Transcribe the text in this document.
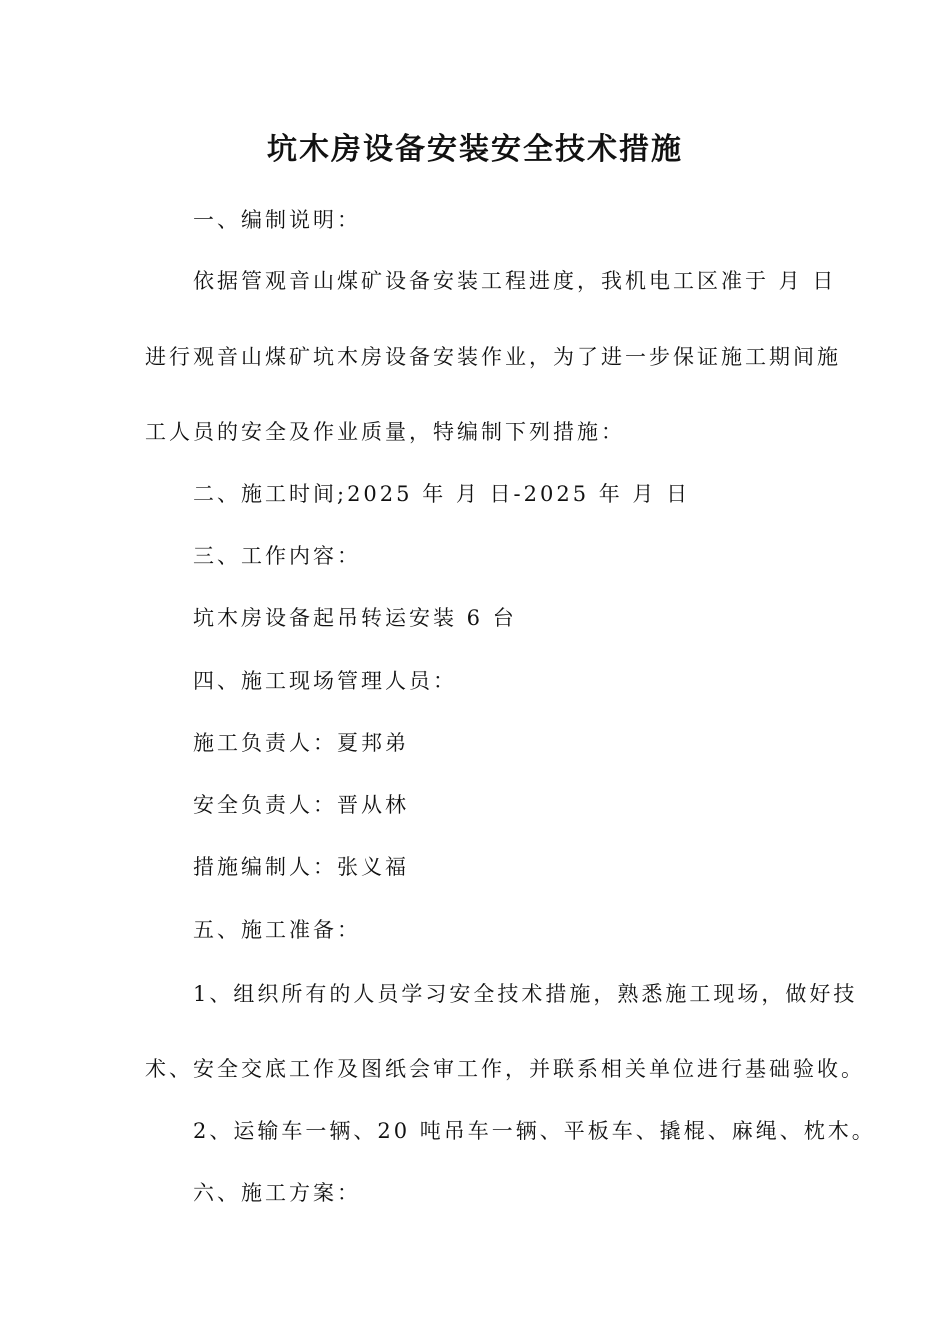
坑木房设备安装安全技术措施
一、编制说明：
依据管观音山煤矿设备安装工程进度，我机电工区准于 月 日
进行观音山煤矿坑木房设备安装作业，为了进一步保证施工期间施
工人员的安全及作业质量，特编制下列措施：
二、施工时间;2025 年 月 日-2025 年 月 日
三、工作内容：
坑木房设备起吊转运安装 6 台
四、施工现场管理人员：
施工负责人：夏邦弟
安全负责人：晋从林
措施编制人：张义福
五、施工准备：
1、组织所有的人员学习安全技术措施，熟悉施工现场，做好技
术、安全交底工作及图纸会审工作，并联系相关单位进行基础验收。
2、运输车一辆、20 吨吊车一辆、平板车、撬棍、麻绳、枕木。
六、施工方案：
